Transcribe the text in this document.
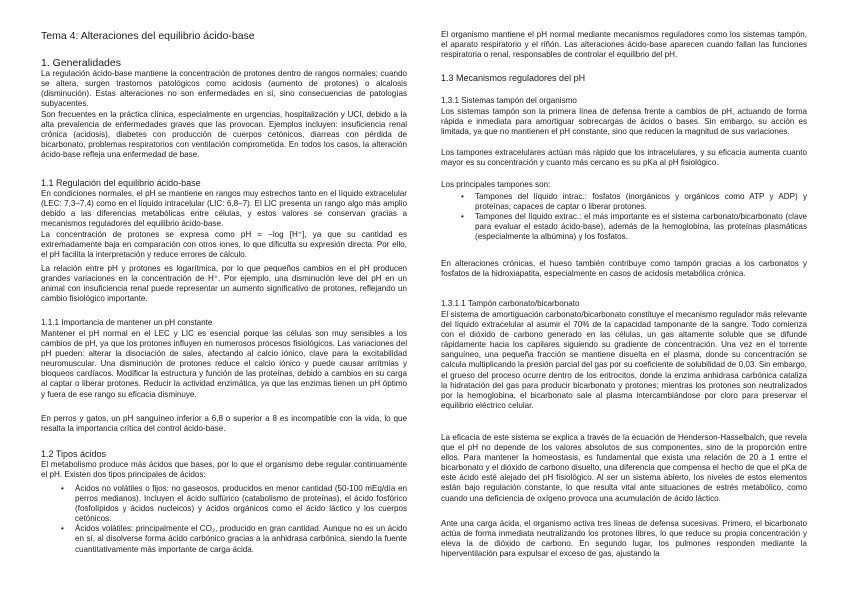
Tema 4: Alteraciones del equilibrio ácido-base
1. Generalidades

La regulación ácido-base mantiene la concentración de protones dentro de rangos normales; cuando se altera, surgen trastornos patológicos como acidosis (aumento de protones) o alcalosis (disminución). Estas alteraciones no son enfermedades en sí, sino consecuencias de patologías subyacentes.

Son frecuentes en la práctica clínica, especialmente en urgencias, hospitalización y UCI, debido a la alta prevalencia de enfermedades graves que las provocan. Ejemplos incluyen: insuficiencia renal crónica (acidosis), diabetes con producción de cuerpos cetónicos, diarreas con pérdida de bicarbonato, problemas respiratorios con ventilación comprometida. En todos los casos, la alteración ácido-base refleja una enfermedad de base.

1.1 Regulación del equilibrio ácido-base

En condiciones normales, el pH se mantiene en rangos muy estrechos tanto en el líquido extracelular (LEC: 7,3–7,4) como en el líquido intracelular (LIC: 6,8–7). El LIC presenta un rango algo más amplio debido a las diferencias metabólicas entre células, y estos valores se conservan gracias a mecanismos reguladores del equilibrio ácido-base.

La concentración de protones se expresa como pH = −log [H⁺], ya que su cantidad es extremadamente baja en comparación con otros iones, lo que dificulta su expresión directa. Por ello, el pH facilita la interpretación y reduce errores de cálculo.

La relación entre pH y protones es logarítmica, por lo que pequeños cambios en el pH producen grandes variaciones en la concentración de H⁺. Por ejemplo, una disminución leve del pH en un animal con insuficiencia renal puede representar un aumento significativo de protones, reflejando un cambio fisiológico importante.

1.1.1 Importancia de mantener un pH constante

Mantener el pH normal en el LEC y LIC es esencial porque las células son muy sensibles a los cambios de pH, ya que los protones influyen en numerosos procesos fisiológicos. Las variaciones del pH pueden: alterar la disociación de sales, afectando al calcio iónico, clave para la excitabilidad neuromuscular. Una disminución de protones reduce el calcio iónico y puede causar arritmias y bloqueos cardíacos. Modificar la estructura y función de las proteínas, debido a cambios en su carga al captar o liberar protones. Reducir la actividad enzimática, ya que las enzimas tienen un pH óptimo y fuera de ese rango su eficacia disminuye.

En perros y gatos, un pH sanguíneo inferior a 6,8 o superior a 8 es incompatible con la vida, lo que resalta la importancia crítica del control ácido-base.

1.2 Tipos ácidos

El metabolismo produce más ácidos que bases, por lo que el organismo debe regular continuamente el pH. Existen dos tipos principales de ácidos:

• Ácidos no volátiles o fijos: no gaseosos, producidos en menor cantidad (50-100 mEq/día en perros medianos). Incluyen el ácido sulfúrico (catabolismo de proteínas), el ácido fosfórico (fosfolípidos y ácidos nucleicos) y ácidos orgánicos como el ácido láctico y los cuerpos cetónicos.
• Ácidos volátiles: principalmente el CO₂, producido en gran cantidad. Aunque no es un ácido en sí, al disolverse forma ácido carbónico gracias a la anhidrasa carbónica, siendo la fuente cuantitativamente más importante de carga ácida.

El organismo mantiene el pH normal mediante mecanismos reguladores como los sistemas tampón, el aparato respiratorio y el riñón. Las alteraciones ácido-base aparecen cuando fallan las funciones respiratoria o renal, responsables de controlar el equilibrio del pH.

1.3 Mecanismos reguladores del pH
1.3.1 Sistemas tampón del organismo

Los sistemas tampón son la primera línea de defensa frente a cambios de pH, actuando de forma rápida e inmediata para amortiguar sobrecargas de ácidos o bases. Sin embargo, su acción es limitada, ya que no mantienen el pH constante, sino que reducen la magnitud de sus variaciones.

Los tampones extracelulares actúan más rápido que los intracelulares, y su eficacia aumenta cuanto mayor es su concentración y cuanto más cercano es su pKa al pH fisiológico.

Los principales tampones son:

• Tampones del líquido intrac.: fosfatos (inorgánicos y orgánicos como ATP y ADP) y proteínas, capaces de captar o liberar protones.
• Tampones del líquido extrac.: el más importante es el sistema carbonato/bicarbonato (clave para evaluar el estado ácido-base), además de la hemoglobina, las proteínas plasmáticas (especialmente la albúmina) y los fosfatos.

En alteraciones crónicas, el hueso también contribuye como tampón gracias a los carbonatos y fosfatos de la hidroxiapatita, especialmente en casos de acidosis metabólica crónica.

1.3.1.1 Tampón carbonato/bicarbonato

El sistema de amortiguación carbonato/bicarbonato constituye el mecanismo regulador más relevante del líquido extracelular al asumir el 70% de la capacidad tamponante de la sangre. Todo comienza con el dióxido de carbono generado en las células, un gas altamente soluble que se difunde rápidamente hacia los capilares siguiendo su gradiente de concentración. Una vez en el torrente sanguíneo, una pequeña fracción se mantiene disuelta en el plasma, donde su concentración se calcula multiplicando la presión parcial del gas por su coeficiente de solubilidad de 0,03. Sin embargo, el grueso del proceso ocurre dentro de los eritrocitos, donde la enzima anhidrasa carbónica cataliza la hidratación del gas para producir bicarbonato y protones; mientras los protones son neutralizados por la hemoglobina, el bicarbonato sale al plasma intercambiándose por cloro para preservar el equilibrio eléctrico celular.

La eficacia de este sistema se explica a través de la ecuación de Henderson-Hasselbalch, que revela que el pH no depende de los valores absolutos de sus componentes, sino de la proporción entre ellos. Para mantener la homeostasis, es fundamental que exista una relación de 20 a 1 entre el bicarbonato y el dióxido de carbono disuelto, una diferencia que compensa el hecho de que el pKa de este ácido esté alejado del pH fisiológico. Al ser un sistema abierto, los niveles de estos elementos están bajo regulación constante, lo que resulta vital ante situaciones de estrés metabólico, como cuando una deficiencia de oxígeno provoca una acumulación de ácido láctico.

Ante una carga ácida, el organismo activa tres líneas de defensa sucesivas. Primero, el bicarbonato actúa de forma inmediata neutralizando los protones libres, lo que reduce su propia concentración y eleva la de dióxido de carbono. En segundo lugar, los pulmones responden mediante la hiperventilación para expulsar el exceso de gas, ajustando la
